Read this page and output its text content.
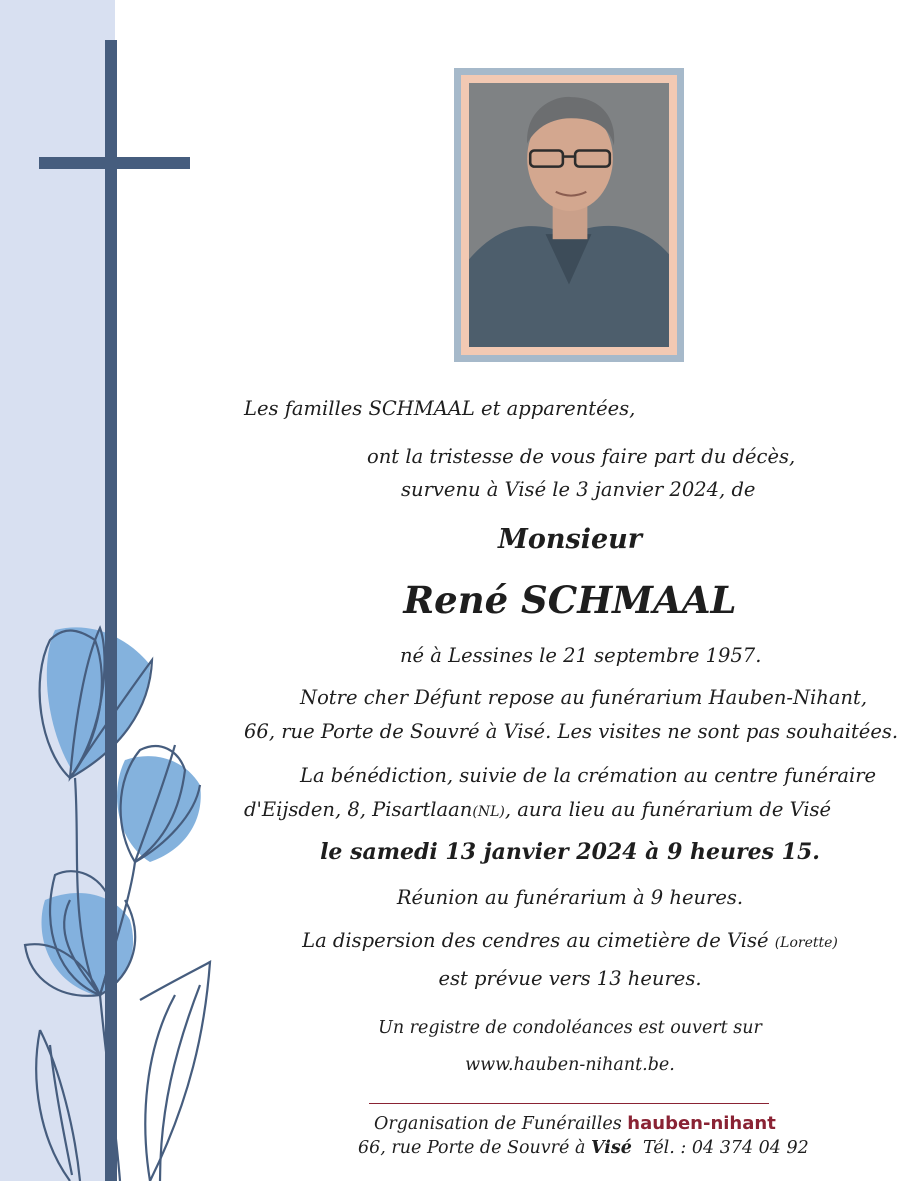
Les familles SCHMAAL et apparentées,
ont la tristesse de vous faire part du décès,
survenu à Visé le 3 janvier 2024, de
Monsieur
René SCHMAAL
né à Lessines le 21 septembre 1957.
Notre cher Défunt repose au funérarium Hauben-Nihant,
66, rue Porte de Souvré à Visé. Les visites ne sont pas souhaitées.
La bénédiction, suivie de la crémation au centre funéraire
d'Eijsden, 8, Pisartlaan(NL), aura lieu au funérarium de Visé
le samedi 13 janvier 2024 à 9 heures 15.
Réunion au funérarium à 9 heures.
La dispersion des cendres au cimetière de Visé (Lorette)
est prévue vers 13 heures.
Un registre de condoléances est ouvert sur
www.hauben-nihant.be.
Organisation de Funérailles hauben-nihant
66, rue Porte de Souvré à Visé Tél. : 04 374 04 92
